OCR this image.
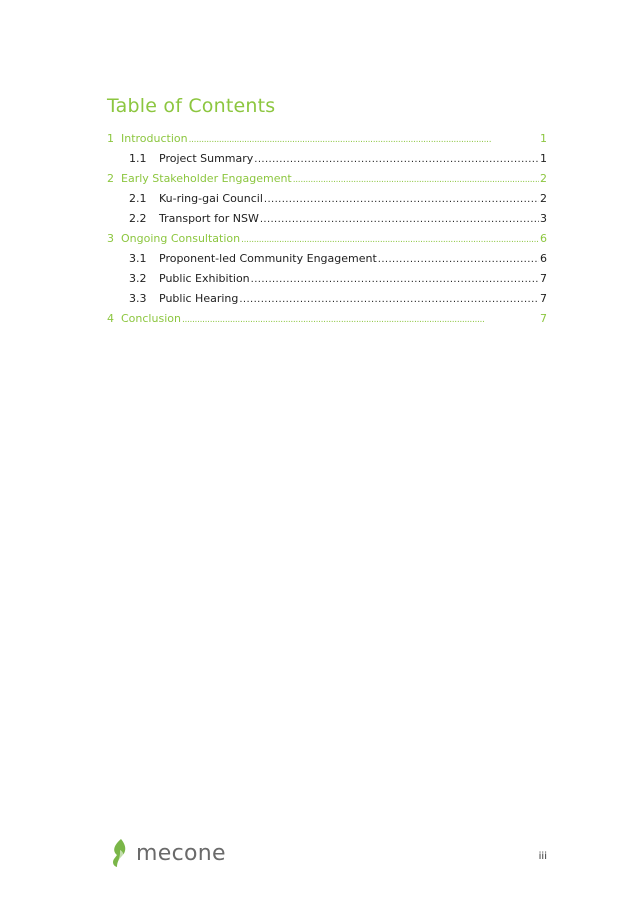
Table of Contents
1 Introduction . . .	1
1.1	Project Summary . . .	1
2 Early Stakeholder Engagement . . .	2
2.1	Ku-ring-gai Council . . .	2
2.2	Transport for NSW . . .	3
3 Ongoing Consultation . . .	6
3.1	Proponent-led Community Engagement . . .	6
3.2	Public Exhibition . . .	7
3.3	Public Hearing . . .	7
4 Conclusion . . .	7
mecone	iii
